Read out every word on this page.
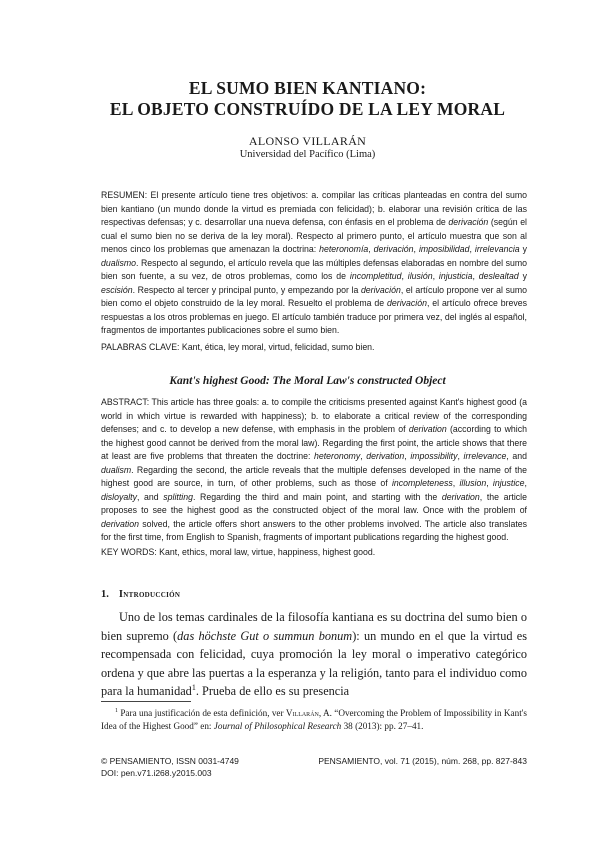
EL SUMO BIEN KANTIANO:
EL OBJETO CONSTRUÍDO DE LA LEY MORAL
ALONSO VILLARÁN
Universidad del Pacífico (Lima)

RESUMEN: El presente artículo tiene tres objetivos: a. compilar las críticas planteadas en contra del sumo bien kantiano (un mundo donde la virtud es premiada con felicidad); b. elaborar una revisión crítica de las respectivas defensas; y c. desarrollar una nueva defensa, con énfasis en el problema de derivación (según el cual el sumo bien no se deriva de la ley moral). Respecto al primero punto, el artículo muestra que son al menos cinco los problemas que amenazan la doctrina: heteronomía, derivación, imposibilidad, irrelevancia y dualismo. Respecto al segundo, el artículo revela que las múltiples defensas elaboradas en nombre del sumo bien son fuente, a su vez, de otros problemas, como los de incompletitud, ilusión, injusticia, deslealtad y escisión. Respecto al tercer y principal punto, y empezando por la derivación, el artículo propone ver al sumo bien como el objeto construido de la ley moral. Resuelto el problema de derivación, el artículo ofrece breves respuestas a los otros problemas en juego. El artículo también traduce por primera vez, del inglés al español, fragmentos de importantes publicaciones sobre el sumo bien.

PALABRAS CLAVE: Kant, ética, ley moral, virtud, felicidad, sumo bien.

Kant's highest Good: The Moral Law's constructed Object

ABSTRACT: This article has three goals: a. to compile the criticisms presented against Kant's highest good (a world in which virtue is rewarded with happiness); b. to elaborate a critical review of the corresponding defenses; and c. to develop a new defense, with emphasis in the problem of derivation (according to which the highest good cannot be derived from the moral law). Regarding the first point, the article shows that there at least are five problems that threaten the doctrine: heteronomy, derivation, impossibility, irrelevance, and dualism. Regarding the second, the article reveals that the multiple defenses developed in the name of the highest good are source, in turn, of other problems, such as those of incompleteness, illusion, injustice, disloyalty, and splitting. Regarding the third and main point, and starting with the derivation, the article proposes to see the highest good as the constructed object of the moral law. Once with the problem of derivation solved, the article offers short answers to the other problems involved. The article also translates for the first time, from English to Spanish, fragments of important publications regarding the highest good.

KEY WORDS: Kant, ethics, moral law, virtue, happiness, highest good.

1. Introducción

Uno de los temas cardinales de la filosofía kantiana es su doctrina del sumo bien o bien supremo (das höchste Gut o summun bonum): un mundo en el que la virtud es recompensada con felicidad, cuya promoción la ley moral o imperativo categórico ordena y que abre las puertas a la esperanza y la religión, tanto para el individuo como para la humanidad$^1$. Prueba de ello es su presencia

$^1$ Para una justificación de esta definición, ver Villarán, A. “Overcoming the Problem of Impossibility in Kant's Idea of the Highest Good” en: Journal of Philosophical Research 38 (2013): pp. 27–41.

© PENSAMIENTO, ISSN 0031-4749
DOI: pen.v71.i268.y2015.003
PENSAMIENTO, vol. 71 (2015), núm. 268, pp. 827-843
